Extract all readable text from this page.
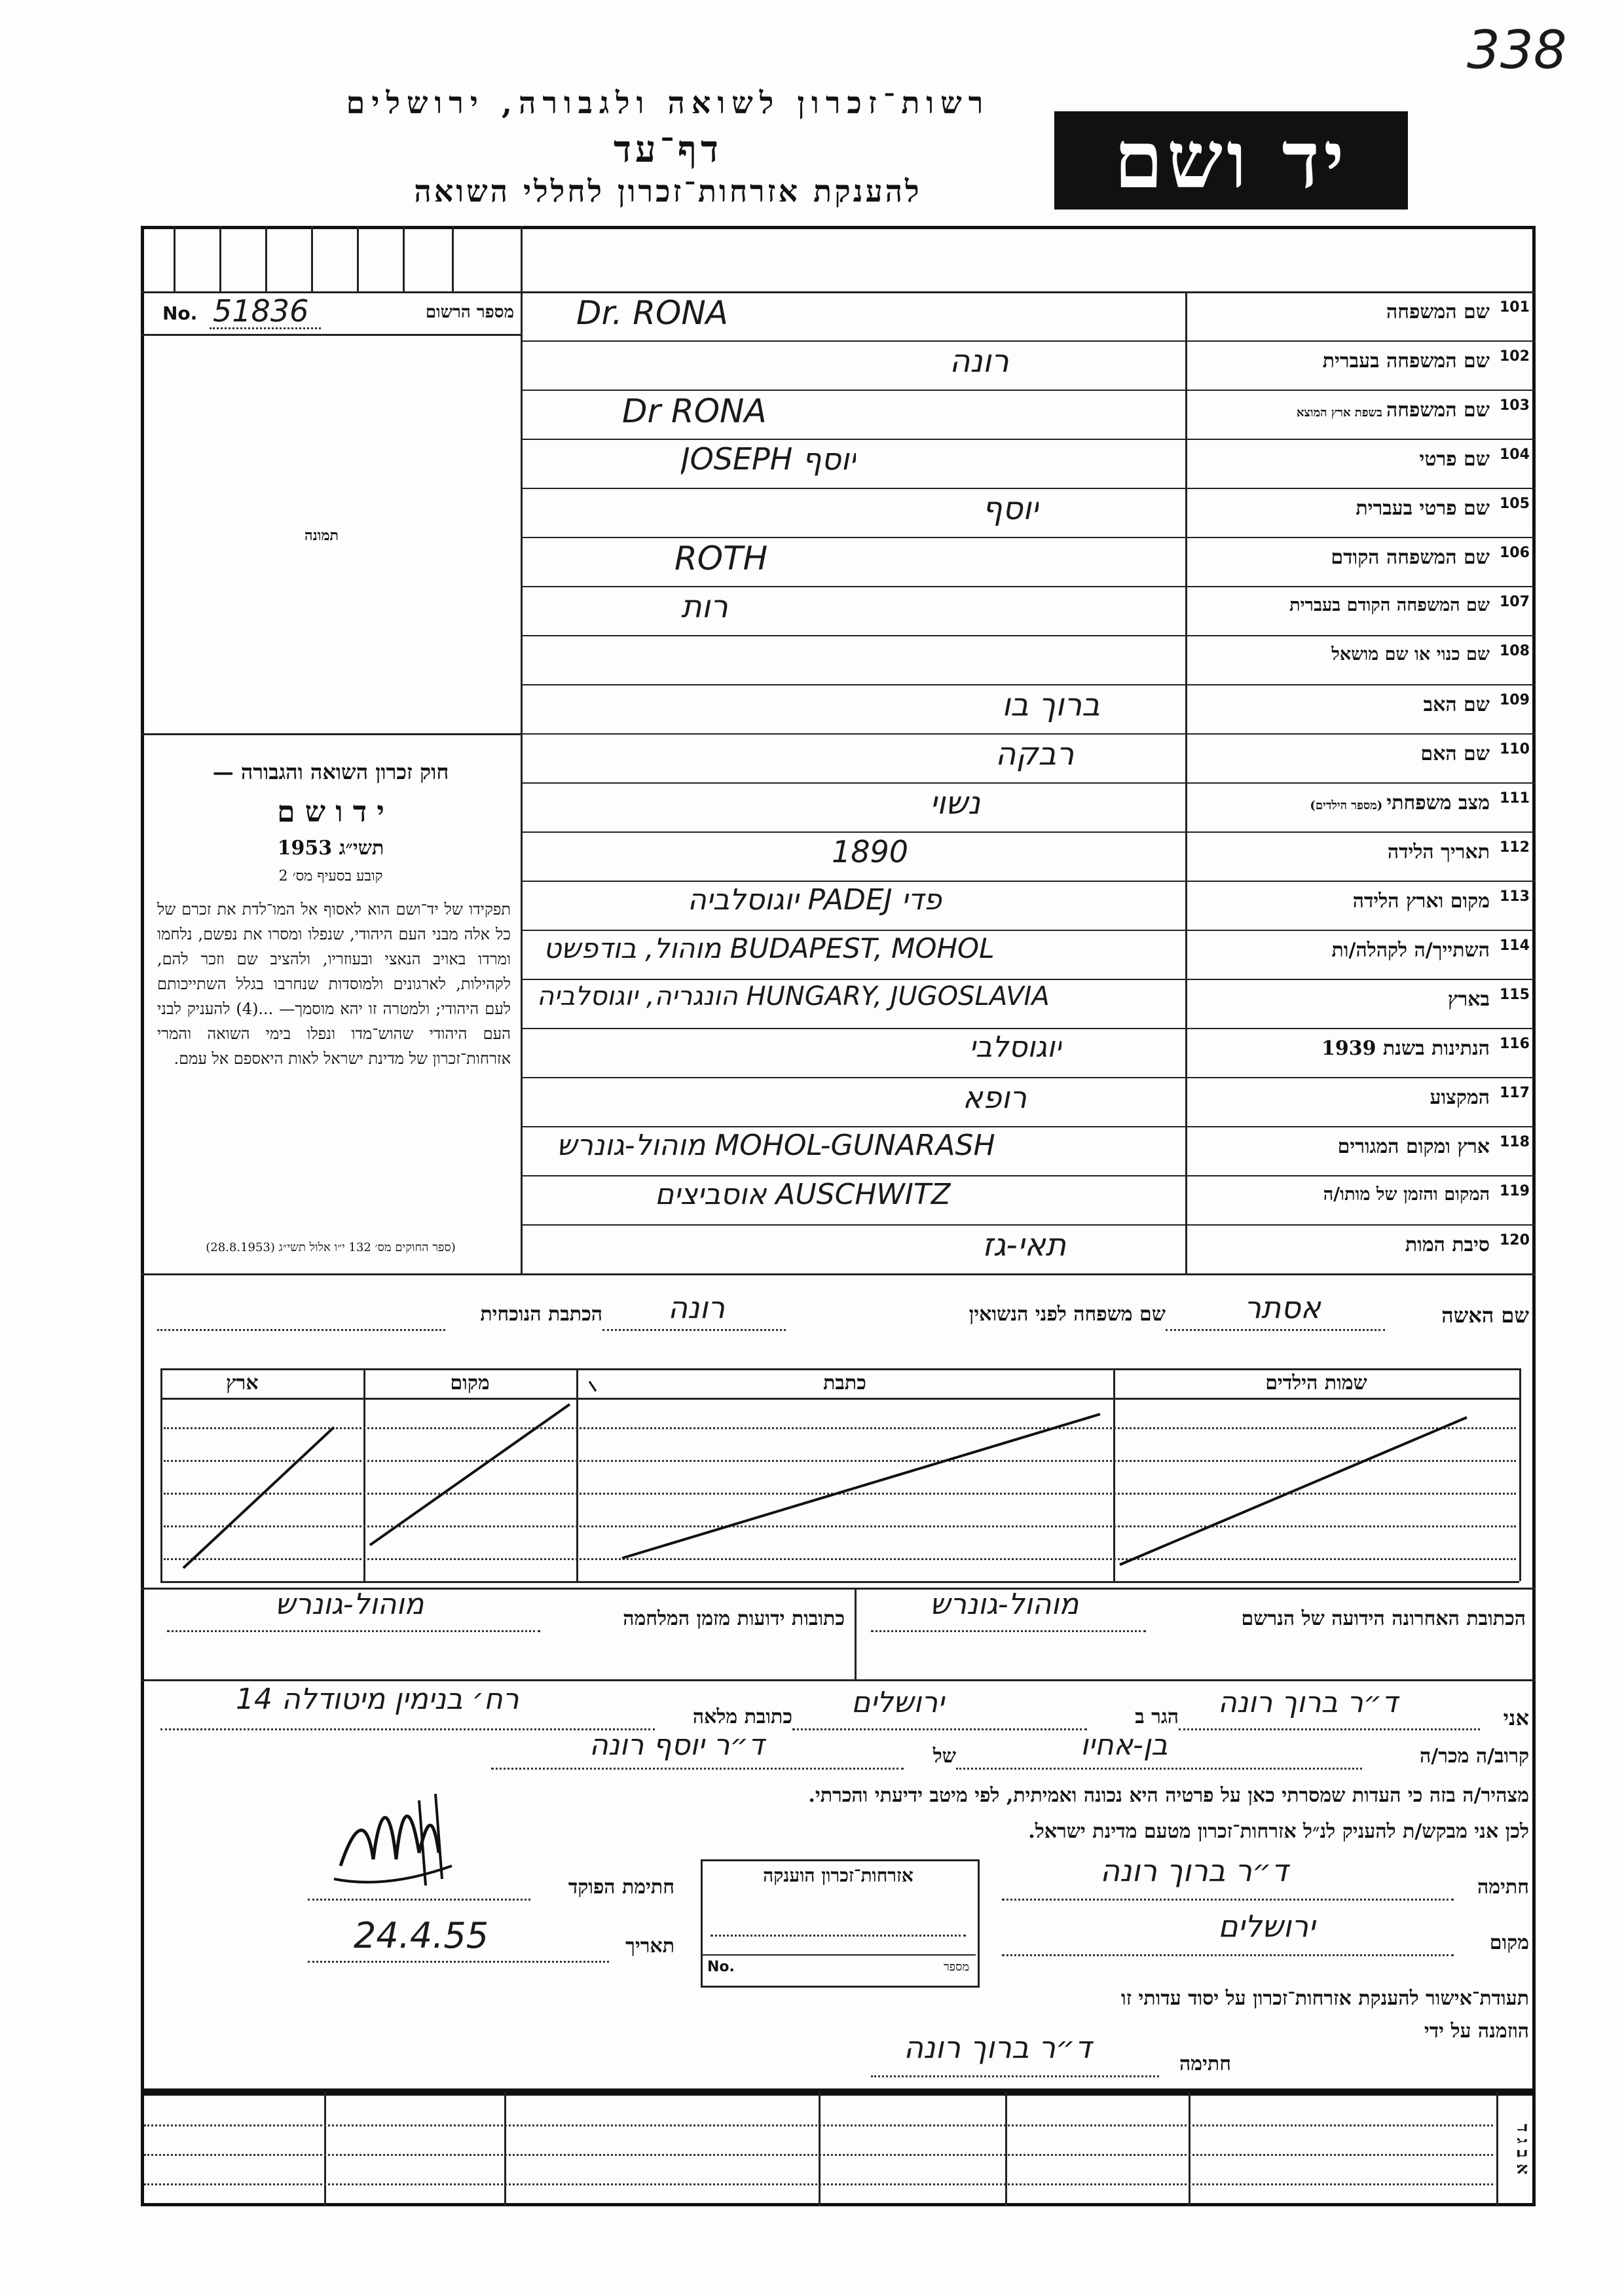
338
רשות־זכרון לשואה ולגבורה, ירושלים
דף־עד
להענקת אזרחות־זכרון לחללי השואה	יד ושם
No. 51836	מספר הרשום
תמונה
חוק זכרון השואה והגבורה —
י ד ו ש ם
תשי״ג 1953
קובע בסעיף מס׳ 2
תפקידו של יד־ושם הוא לאסוף אל המו־לדת את זכרם של כל אלה מבני העם היהודי, שנפלו ומסרו את נפשם, נלחמו ומרדו באויב הנאצי ובעוזריו, ולהציב שם וזכר להם, לקהילות, לארגונים ולמוסדות שנחרבו בגלל השתייכותם לעם היהודי; ולמטרה זו יהא מוסמך— ...(4) להעניק לבני העם היהודי שהוש־מדו ונפלו בימי השואה והמרי אזרחות־זכרון של מדינת ישראל לאות היאספם אל עמם.
(ספר החוקים מס׳ 132 י״ו אלול תשי״ג (28.8.1953)
101
שם המשפחה
Dr. RONA
102
שם המשפחה בעברית
רונה
103
שם המשפחהבשפת ארץ המוצא
Dr RONA
104
שם פרטי
JOSEPH יוסף
105
שם פרטי בעברית
יוסף
106
שם המשפחה הקודם
ROTH
107
שם המשפחה הקודם בעברית
רות
108
שם כנוי או שם מושאל
109
שם האב
ברוך בו
110
שם האם
רבקה
111
מצב משפחתי(מספר הילדים)
נשוי
112
תאריך הלידה
1890
113
מקום וארץ הלידה
פדי PADEJ יוגוסלביה
114
השתייך/ה לקהלה/ות
BUDAPEST, MOHOL מוהול, בודפשט
115
בארץ
HUNGARY, JUGOSLAVIA הונגריה, יוגוסלביה
116
הנתינות בשנת 1939
יוגוסלבי
117
המקצוע
רופא
118
ארץ ומקום המגורים
MOHOL-GUNARASH מוהול-גונרש
119
המקום והזמן של מותו/ה
AUSCHWITZ אוסביצים
120
סיבת המות
תאי-גז
שם האשה
אסתר
שם משפחה לפני הנשואין
רונה
הכתבת הנוכחית
שמות הילדים
כתבת
מקום
ארץ
הכתובת האחרונה הידועה של הנרשם
מוהול-גונרש
כתובות ידועות מזמן המלחמה
מוהול-גונרש
אני
ד״ר ברוך רונה
הגר ב
ירושלים
כתובת מלאה
14 רח׳ בנימין מיטודלה
קרוב/ה מכר/ה
בן-אחיו
של
ד״ר יוסף רונה
מצהיר/ה בזה כי העדות שמסרתי כאן על פרטיה היא נכונה ואמיתית, לפי מיטב ידיעתי והכרתי.
לכן אני מבקש/ת להעניק לנ״ל אזרחות־זכרון מטעם מדינת ישראל.
חתימה
ד״ר ברוך רונה
מקום
ירושלים
אזרחות־זכרון הוענקה
No.	מספר
חתימת הפוקד
24.4.55	תאריך
תעודת־אישור להענקת אזרחות־זכרון על יסוד עדותי זו
הוזמנה על ידי
חתימה
ד״ר ברוך רונה
א ב ג ד
